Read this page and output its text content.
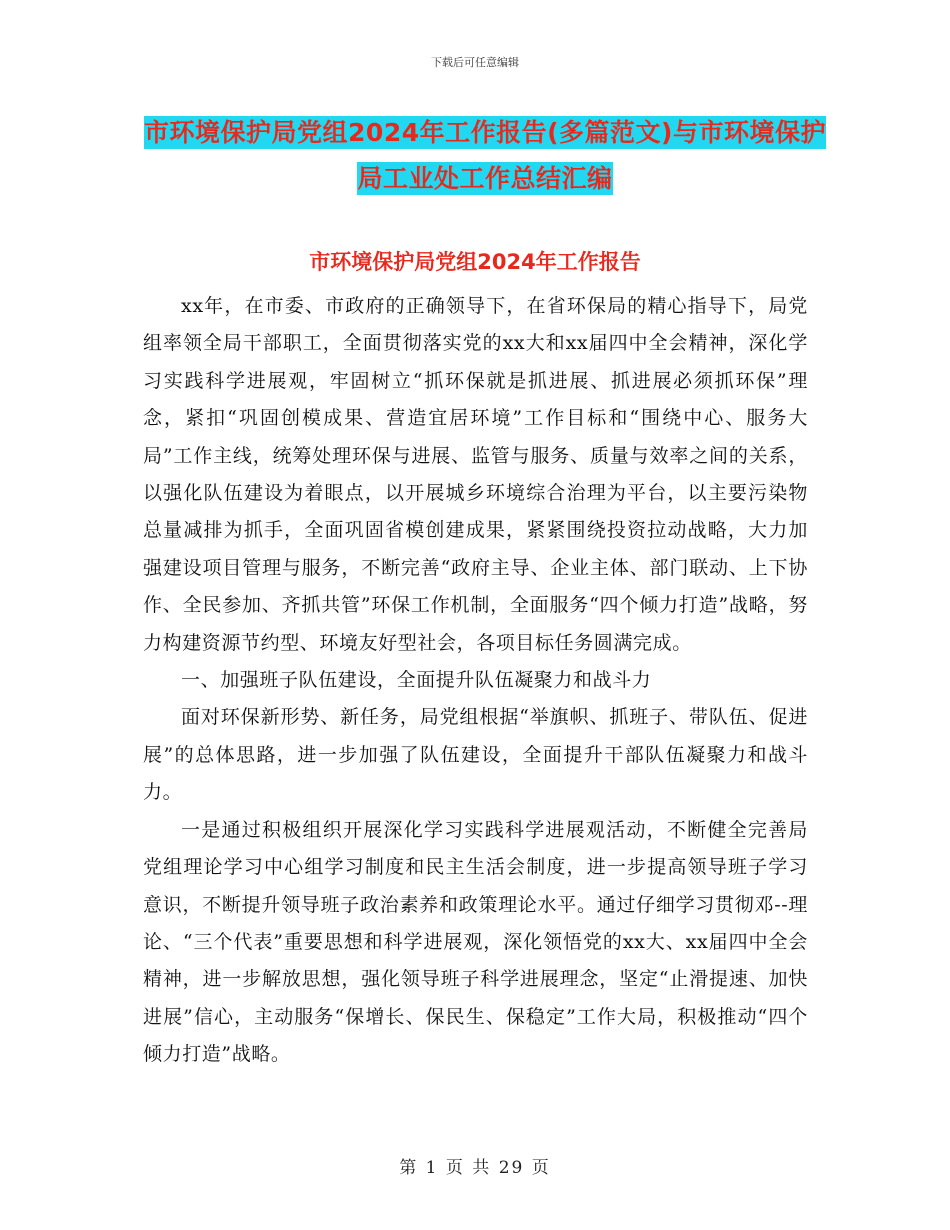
下载后可任意编辑
市环境保护局党组2024年工作报告(多篇范文)与市环境保护局工业处工作总结汇编
市环境保护局党组2024年工作报告

xx年，在市委、市政府的正确领导下，在省环保局的精心指导下，局党组率领全局干部职工，全面贯彻落实党的xx大和xx届四中全会精神，深化学习实践科学进展观，牢固树立“抓环保就是抓进展、抓进展必须抓环保”理念，紧扣“巩固创模成果、营造宜居环境”工作目标和“围绕中心、服务大局”工作主线，统筹处理环保与进展、监管与服务、质量与效率之间的关系，以强化队伍建设为着眼点，以开展城乡环境综合治理为平台，以主要污染物总量减排为抓手，全面巩固省模创建成果，紧紧围绕投资拉动战略，大力加强建设项目管理与服务，不断完善“政府主导、企业主体、部门联动、上下协作、全民参加、齐抓共管”环保工作机制，全面服务“四个倾力打造”战略，努力构建资源节约型、环境友好型社会，各项目标任务圆满完成。

一、加强班子队伍建设，全面提升队伍凝聚力和战斗力

面对环保新形势、新任务，局党组根据“举旗帜、抓班子、带队伍、促进展”的总体思路，进一步加强了队伍建设，全面提升干部队伍凝聚力和战斗力。

一是通过积极组织开展深化学习实践科学进展观活动，不断健全完善局党组理论学习中心组学习制度和民主生活会制度，进一步提高领导班子学习意识，不断提升领导班子政治素养和政策理论水平。通过仔细学习贯彻邓--理论、“三个代表”重要思想和科学进展观，深化领悟党的xx大、xx届四中全会精神，进一步解放思想，强化领导班子科学进展理念，坚定“止滑提速、加快进展”信心，主动服务“保增长、保民生、保稳定”工作大局，积极推动“四个倾力打造”战略。

第 1 页 共 29 页
